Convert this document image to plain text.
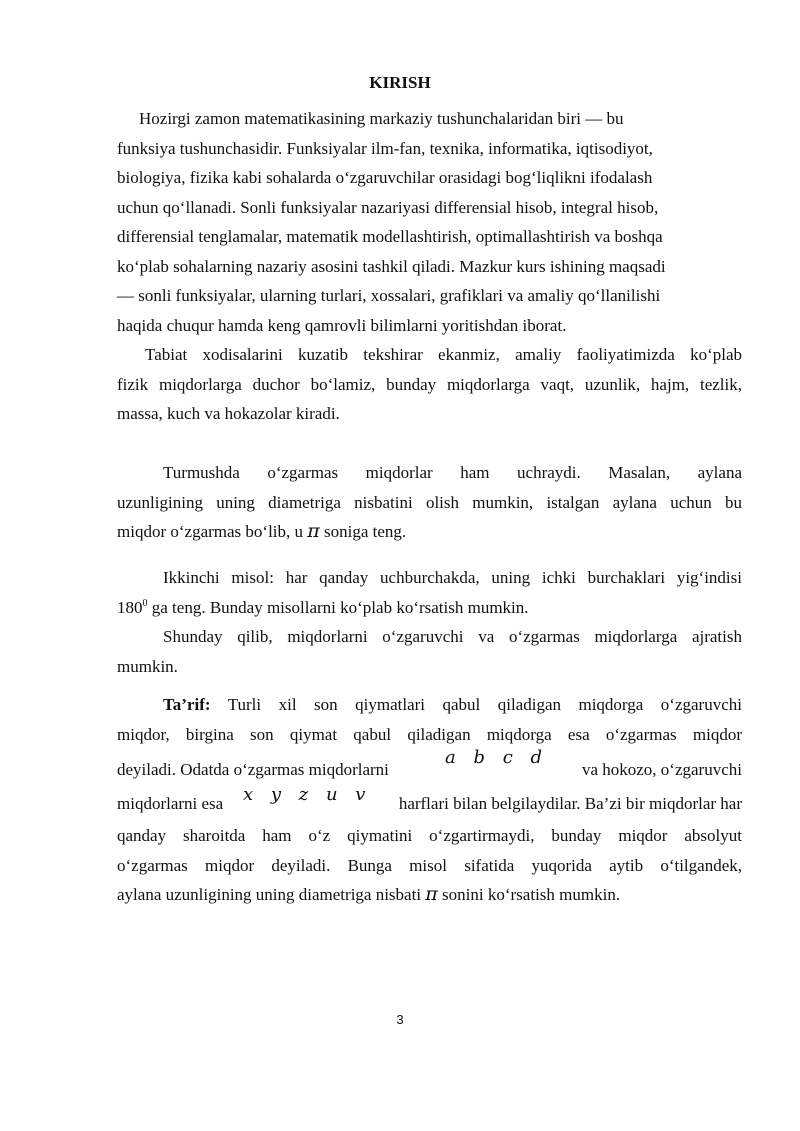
KIRISH
Hozirgi zamon matematikasining markaziy tushunchalaridan biri — bu
funksiya tushunchasidir. Funksiyalar ilm-fan, texnika, informatika, iqtisodiyot,
biologiya, fizika kabi sohalarda o‘zgaruvchilar orasidagi bog‘liqlikni ifodalash
uchun qo‘llanadi. Sonli funksiyalar nazariyasi differensial hisob, integral hisob,
differensial tenglamalar, matematik modellashtirish, optimallashtirish va boshqa
ko‘plab sohalarning nazariy asosini tashkil qiladi. Mazkur kurs ishining maqsadi
— sonli funksiyalar, ularning turlari, xossalari, grafiklari va amaliy qo‘llanilishi
haqida chuqur hamda keng qamrovli bilimlarni yoritishdan iborat.
Tabiat xodisalarini kuzatib tekshirar ekanmiz, amaliy faoliyatimizda ko‘plab
fizik miqdorlarga duchor bo‘lamiz, bunday miqdorlarga vaqt, uzunlik, hajm, tezlik,
massa, kuch va hokazolar kiradi.
Turmushda o‘zgarmas miqdorlar ham uchraydi. Masalan, aylana
uzunligining uning diametriga nisbatini olish mumkin, istalgan aylana uchun bu
miqdor o‘zgarmas bo‘lib, u π soniga teng.
Ikkinchi misol: har qanday uchburchakda, uning ichki burchaklari yig‘indisi
$180^0$ ga teng. Bunday misollarni ko‘plab ko‘rsatish mumkin.
Shunday qilib, miqdorlarni o‘zgaruvchi va o‘zgarmas miqdorlarga ajratish
mumkin.
Ta’rif: Turli xil son qiymatlari qabul qiladigan miqdorga o‘zgaruvchi
miqdor, birgina son qiymat qabul qiladigan miqdorga esa o‘zgarmas miqdor
deyiladi. Odatda o‘zgarmas miqdorlarni
a b c d
va hokozo, o‘zgaruvchi
miqdorlarni esa x y z u v harflari bilan belgilaydilar. Ba’zi bir miqdorlar har
qanday sharoitda ham o‘z qiymatini o‘zgartirmaydi, bunday miqdor absolyut
o‘zgarmas miqdor deyiladi. Bunga misol sifatida yuqorida aytib o‘tilgandek,
aylana uzunligining uning diametriga nisbati π sonini ko‘rsatish mumkin.
3
